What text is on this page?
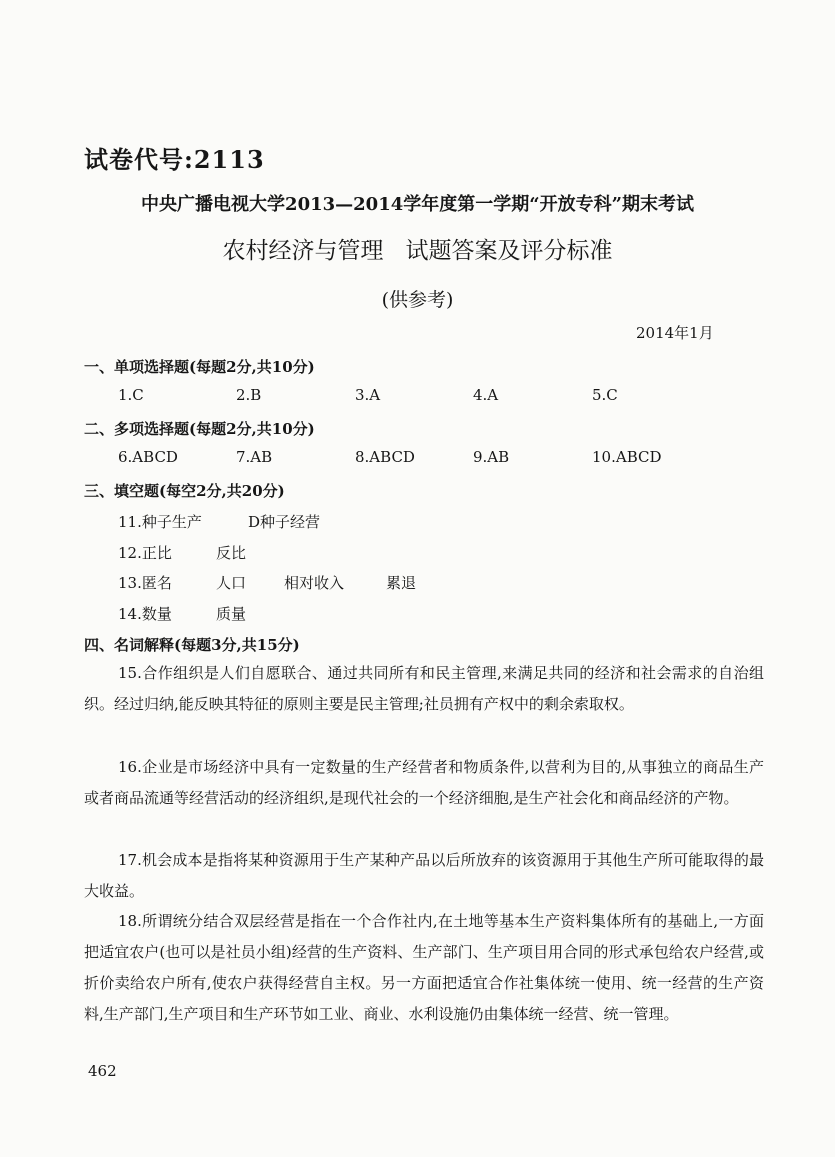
试卷代号:2113
中央广播电视大学2013—2014学年度第一学期“开放专科”期末考试
农村经济与管理   试题答案及评分标准
(供参考)
2014年1月
一、单项选择题(每题2分,共10分)
1.C	2.B	3.A	4.A	5.C
二、多项选择题(每题2分,共10分)
6.ABCD	7.AB	8.ABCD	9.AB	10.ABCD
三、填空题(每空2分,共20分)
11.种子生产	D种子经营
12.正比	反比
13.匿名	人口	相对收入	累退
14.数量	质量
四、名词解释(每题3分,共15分)

15.合作组织是人们自愿联合、通过共同所有和民主管理,来满足共同的经济和社会需求的自治组织。经过归纳,能反映其特征的原则主要是民主管理;社员拥有产权中的剩余索取权。

16.企业是市场经济中具有一定数量的生产经营者和物质条件,以营利为目的,从事独立的商品生产或者商品流通等经营活动的经济组织,是现代社会的一个经济细胞,是生产社会化和商品经济的产物。

17.机会成本是指将某种资源用于生产某种产品以后所放弃的该资源用于其他生产所可能取得的最大收益。

18.所谓统分结合双层经营是指在一个合作社内,在土地等基本生产资料集体所有的基础上,一方面把适宜农户(也可以是社员小组)经营的生产资料、生产部门、生产项目用合同的形式承包给农户经营,或折价卖给农户所有,使农户获得经营自主权。另一方面把适宜合作社集体统一使用、统一经营的生产资料,生产部门,生产项目和生产环节如工业、商业、水利设施仍由集体统一经营、统一管理。

462
